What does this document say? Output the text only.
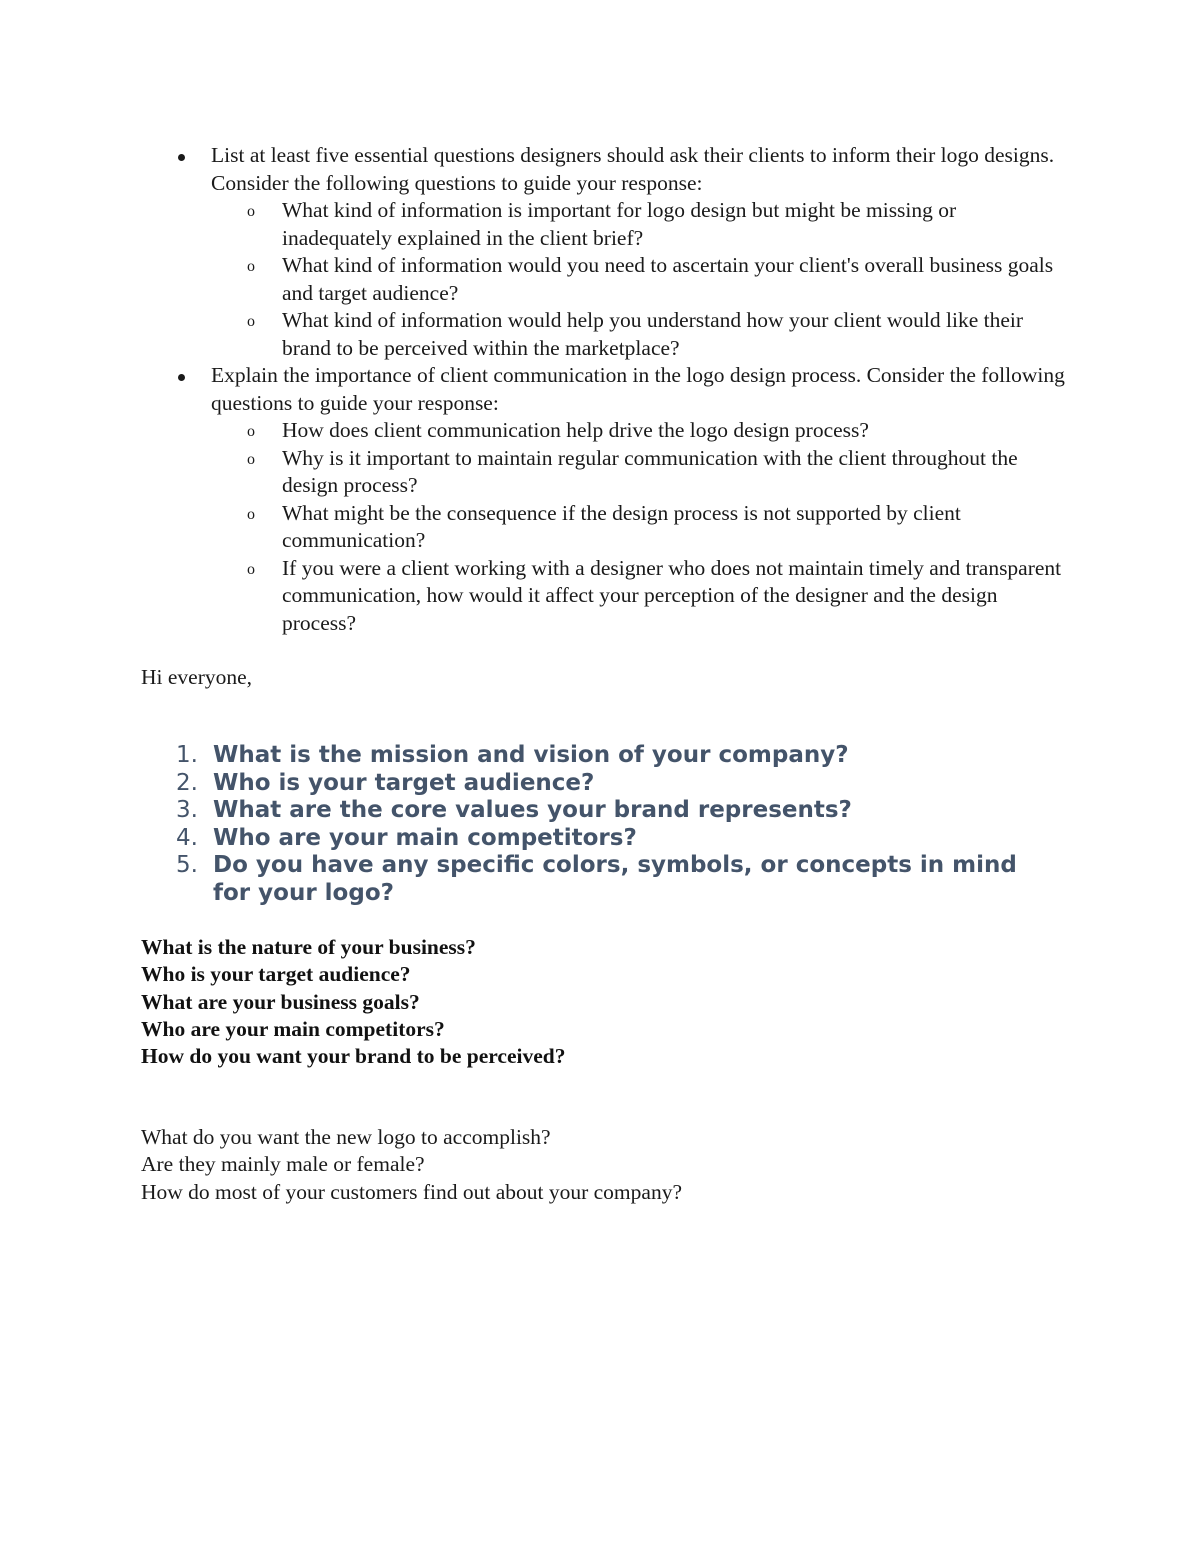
List at least five essential questions designers should ask their clients to inform their logo designs. Consider the following questions to guide your response:
o What kind of information is important for logo design but might be missing or inadequately explained in the client brief?
o What kind of information would you need to ascertain your client's overall business goals and target audience?
o What kind of information would help you understand how your client would like their brand to be perceived within the marketplace?
Explain the importance of client communication in the logo design process. Consider the following questions to guide your response:
o How does client communication help drive the logo design process?
o Why is it important to maintain regular communication with the client throughout the design process?
o What might be the consequence if the design process is not supported by client communication?
o If you were a client working with a designer who does not maintain timely and transparent communication, how would it affect your perception of the designer and the design process?
Hi everyone,
1. What is the mission and vision of your company?
2. Who is your target audience?
3. What are the core values your brand represents?
4. Who are your main competitors?
5. Do you have any specific colors, symbols, or concepts in mind for your logo?
What is the nature of your business?
Who is your target audience?
What are your business goals?
Who are your main competitors?
How do you want your brand to be perceived?
What do you want the new logo to accomplish?
Are they mainly male or female?
How do most of your customers find out about your company?
